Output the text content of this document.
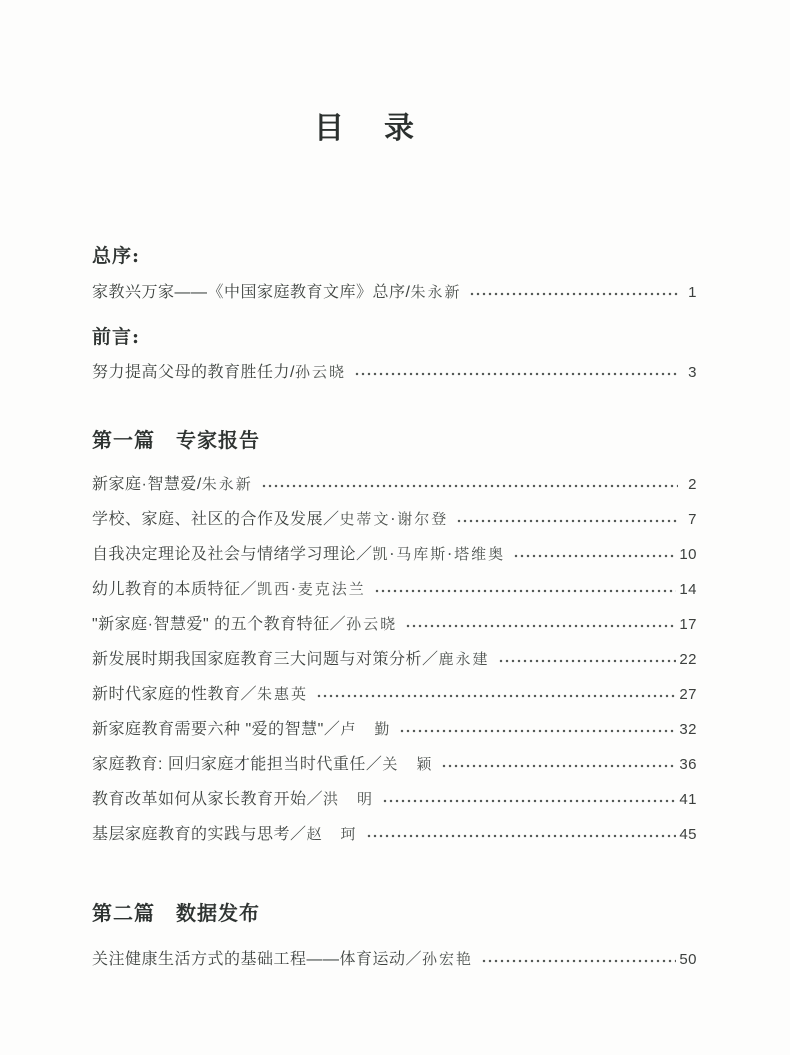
目　录
总序:
家教兴万家——《中国家庭教育文库》总序 / 朱永新	1
前言:
努力提高父母的教育胜任力 / 孙云晓	3
第一篇　专家报告
新家庭·智慧爱 / 朱永新	2
学校、家庭、社区的合作及发展 ／ 史蒂文·谢尔登	7
自我决定理论及社会与情绪学习理论 ／ 凯·马库斯·塔维奥	10
幼儿教育的本质特征 ／ 凯西·麦克法兰	14
"新家庭·智慧爱" 的五个教育特征 ／ 孙云晓	17
新发展时期我国家庭教育三大问题与对策分析 ／ 鹿永建	22
新时代家庭的性教育 ／ 朱惠英	27
新家庭教育需要六种 "爱的智慧" ／ 卢　勤	32
家庭教育: 回归家庭才能担当时代重任 ／ 关　颖	36
教育改革如何从家长教育开始 ／ 洪　明	41
基层家庭教育的实践与思考 ／ 赵　珂	45
第二篇　数据发布
关注健康生活方式的基础工程——体育运动 ／ 孙宏艳	50
